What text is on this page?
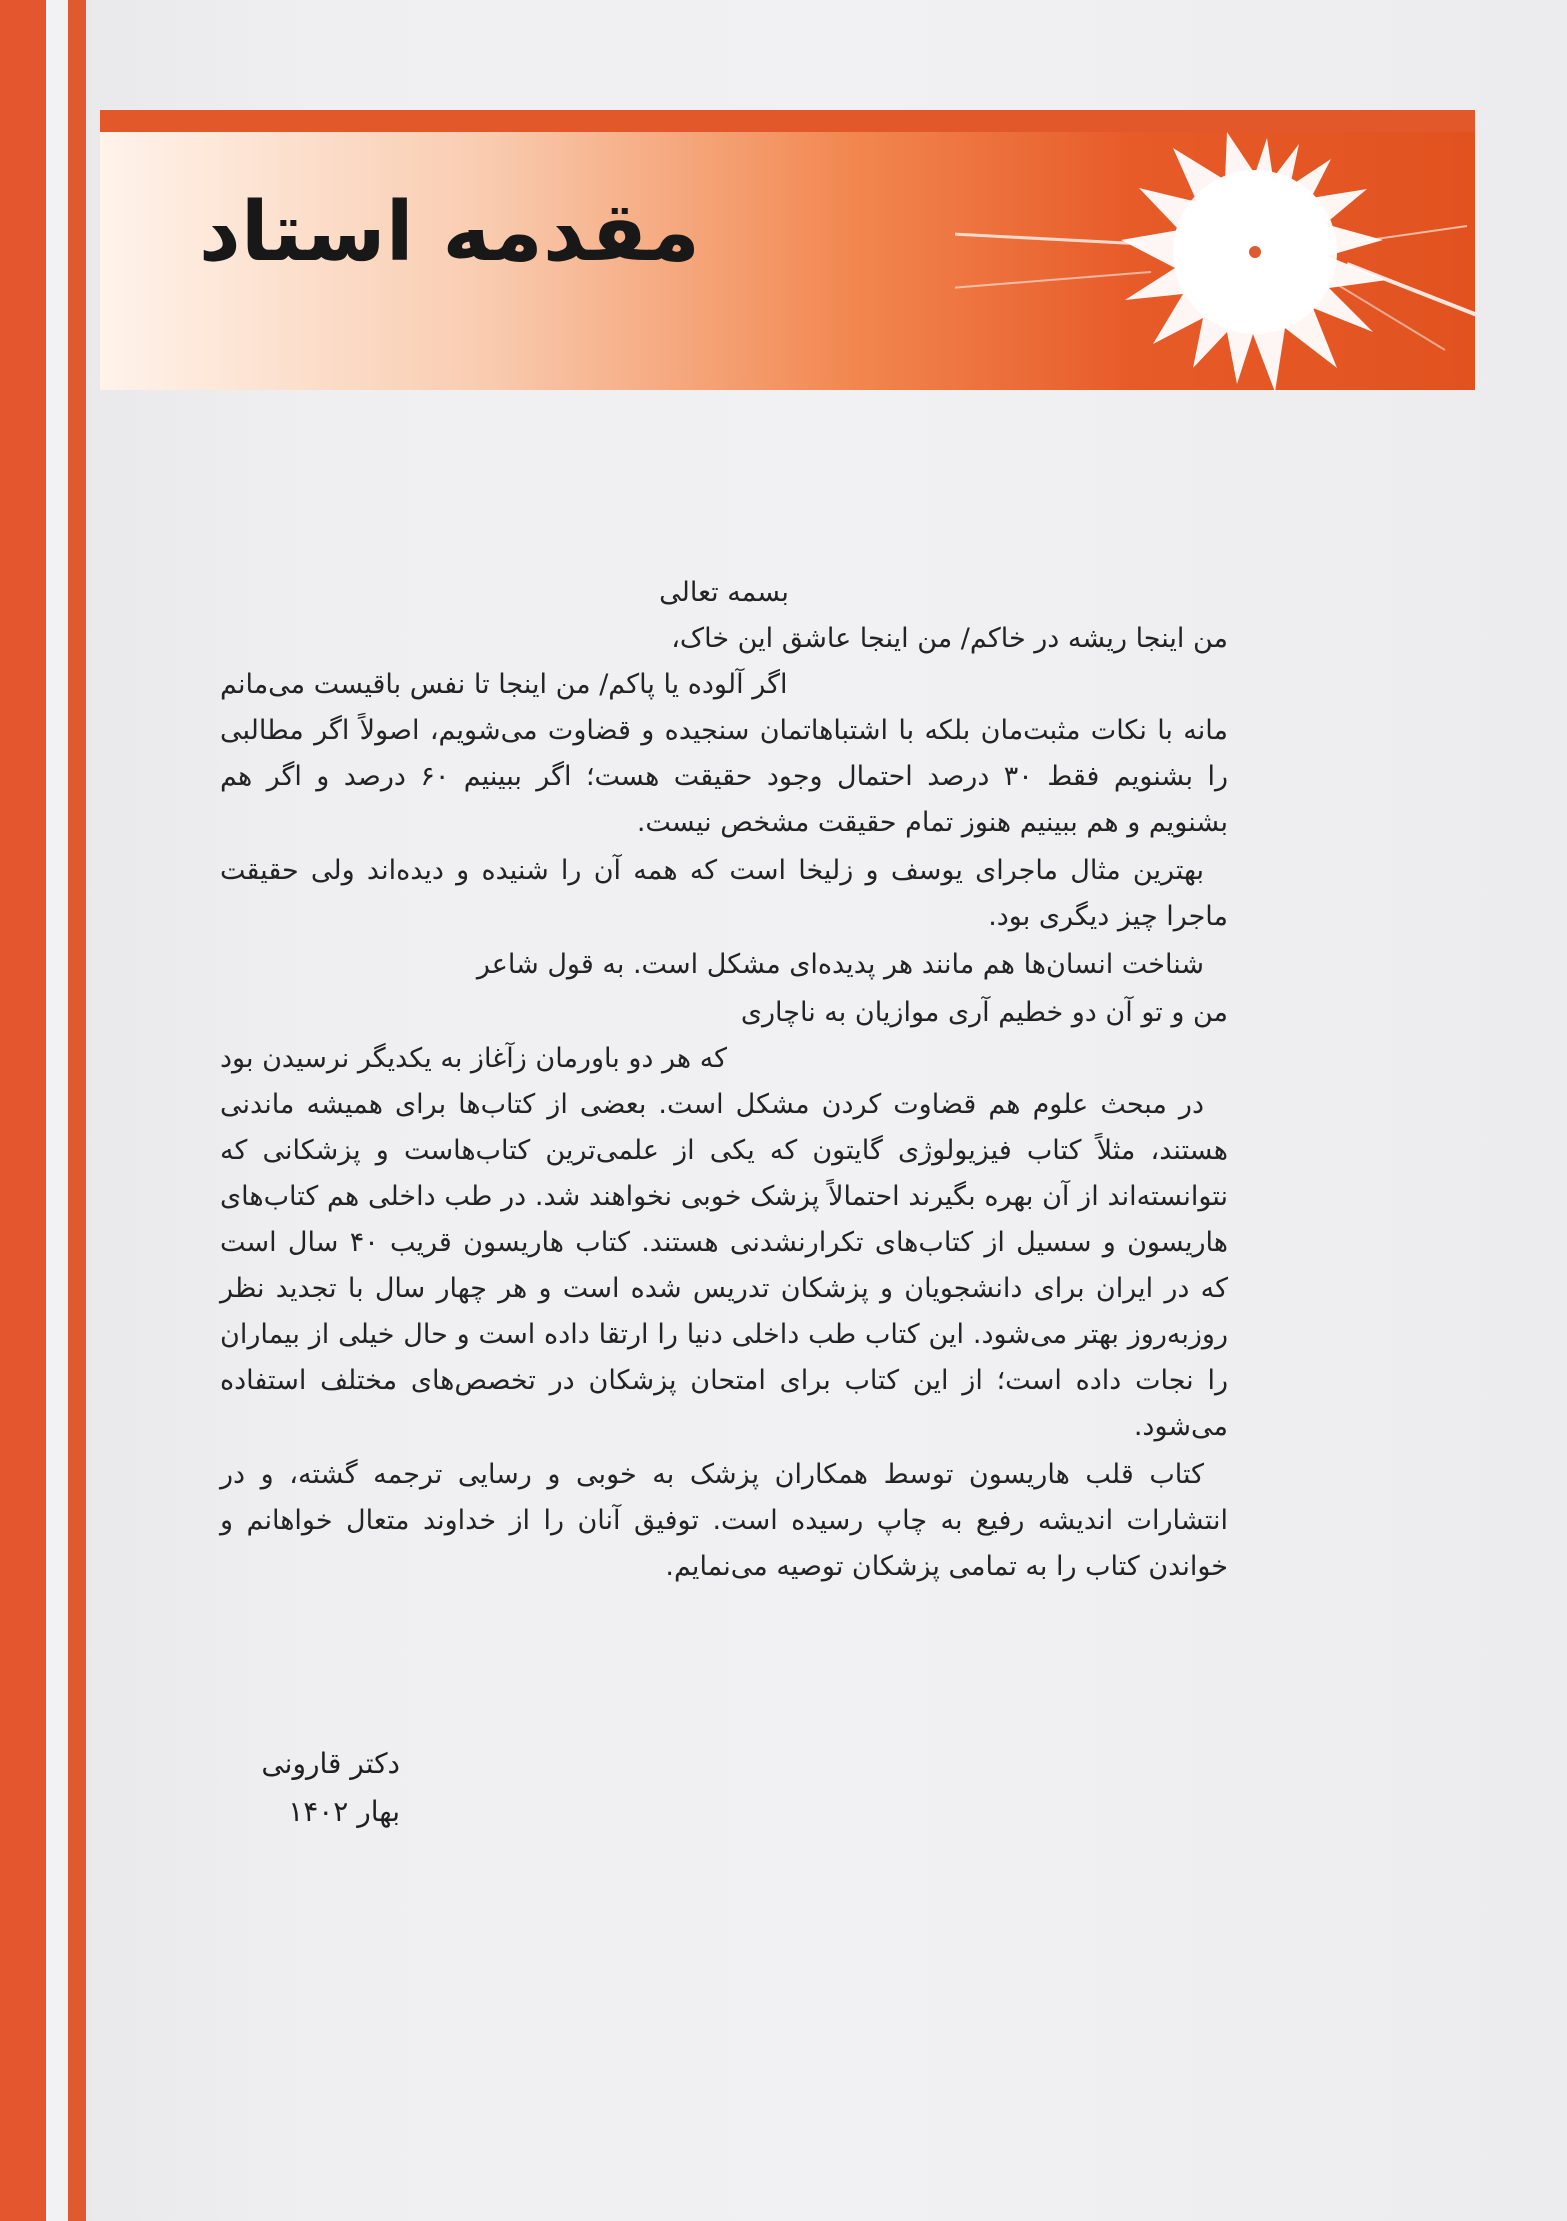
مقدمه استاد
بسمه تعالی
من اینجا ریشه در خاکم/ من اینجا عاشق این خاک،
اگر آلوده یا پاکم/ من اینجا تا نفس باقیست می‌مانم

مانه با نکات مثبت‌مان بلکه با اشتباهاتمان سنجیده و قضاوت می‌شویم، اصولاً اگر مطالبی را بشنویم فقط ۳۰ درصد احتمال وجود حقیقت هست؛ اگر ببینیم ۶۰ درصد و اگر هم بشنویم و هم ببینیم هنوز تمام حقیقت مشخص نیست.

بهترین مثال ماجرای یوسف و زلیخا است که همه آن را شنیده و دیده‌اند ولی حقیقت ماجرا چیز دیگری بود.

شناخت انسان‌ها هم مانند هر پدیده‌ای مشکل است. به قول شاعر

من و تو آن دو خطیم آری موازیان به ناچاری
که هر دو باورمان زآغاز به یکدیگر نرسیدن بود

در مبحث علوم هم قضاوت کردن مشکل است. بعضی از کتاب‌ها برای همیشه ماندنی هستند، مثلاً کتاب فیزیولوژی گایتون که یکی از علمی‌ترین کتاب‌هاست و پزشکانی که نتوانسته‌اند از آن بهره بگیرند احتمالاً پزشک خوبی نخواهند شد. در طب داخلی هم کتاب‌های هاریسون و سسیل از کتاب‌های تکرارنشدنی هستند. کتاب هاریسون قریب ۴۰ سال است که در ایران برای دانشجویان و پزشکان تدریس شده است و هر چهار سال با تجدید نظر روزبه‌روز بهتر می‌شود. این کتاب طب داخلی دنیا را ارتقا داده است و حال خیلی از بیماران را نجات داده است؛ از این کتاب برای امتحان پزشکان در تخصص‌های مختلف استفاده می‌شود.

کتاب قلب هاریسون توسط همکاران پزشک به خوبی و رسایی ترجمه گشته، و در انتشارات اندیشه رفیع به چاپ رسیده است. توفیق آنان را از خداوند متعال خواهانم و خواندن کتاب را به تمامی پزشکان توصیه می‌نمایم.

دکتر قارونی
بهار ۱۴۰۲
